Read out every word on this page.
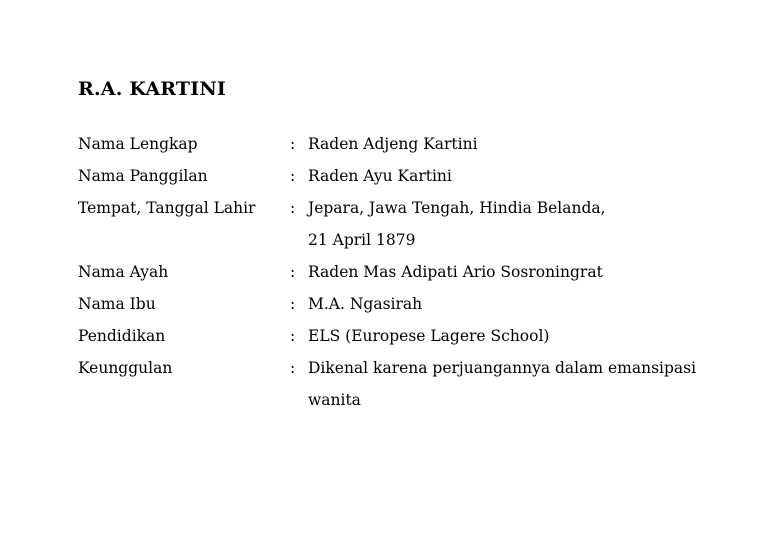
R.A. KARTINI
Nama Lengkap	: Raden Adjeng Kartini
Nama Panggilan	: Raden Ayu Kartini
Tempat, Tanggal Lahir	: Jepara, Jawa Tengah, Hindia Belanda,
21 April 1879
Nama Ayah	: Raden Mas Adipati Ario Sosroningrat
Nama Ibu	: M.A. Ngasirah
Pendidikan	: ELS (Europese Lagere School)
Keunggulan	: Dikenal karena perjuangannya dalam emansipasi
wanita
